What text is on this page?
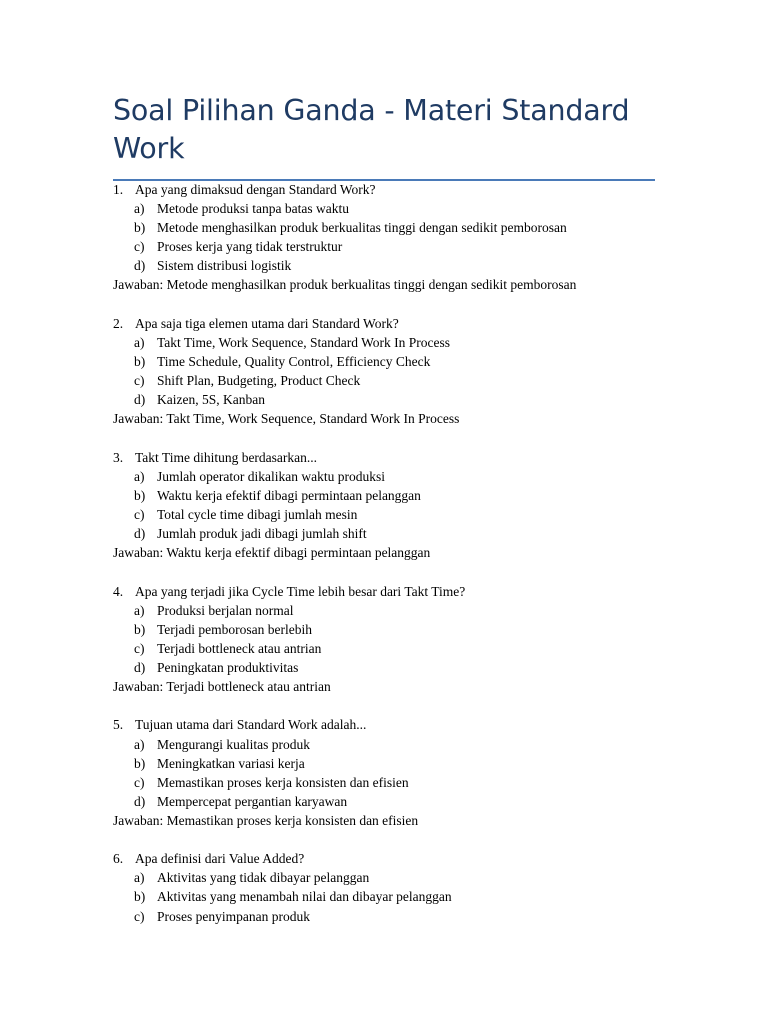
Soal Pilihan Ganda - Materi Standard Work
1. Apa yang dimaksud dengan Standard Work?
a) Metode produksi tanpa batas waktu
b) Metode menghasilkan produk berkualitas tinggi dengan sedikit pemborosan
c) Proses kerja yang tidak terstruktur
d) Sistem distribusi logistik
Jawaban: Metode menghasilkan produk berkualitas tinggi dengan sedikit pemborosan
2. Apa saja tiga elemen utama dari Standard Work?
a) Takt Time, Work Sequence, Standard Work In Process
b) Time Schedule, Quality Control, Efficiency Check
c) Shift Plan, Budgeting, Product Check
d) Kaizen, 5S, Kanban
Jawaban: Takt Time, Work Sequence, Standard Work In Process
3. Takt Time dihitung berdasarkan...
a) Jumlah operator dikalikan waktu produksi
b) Waktu kerja efektif dibagi permintaan pelanggan
c) Total cycle time dibagi jumlah mesin
d) Jumlah produk jadi dibagi jumlah shift
Jawaban: Waktu kerja efektif dibagi permintaan pelanggan
4. Apa yang terjadi jika Cycle Time lebih besar dari Takt Time?
a) Produksi berjalan normal
b) Terjadi pemborosan berlebih
c) Terjadi bottleneck atau antrian
d) Peningkatan produktivitas
Jawaban: Terjadi bottleneck atau antrian
5. Tujuan utama dari Standard Work adalah...
a) Mengurangi kualitas produk
b) Meningkatkan variasi kerja
c) Memastikan proses kerja konsisten dan efisien
d) Mempercepat pergantian karyawan
Jawaban: Memastikan proses kerja konsisten dan efisien
6. Apa definisi dari Value Added?
a) Aktivitas yang tidak dibayar pelanggan
b) Aktivitas yang menambah nilai dan dibayar pelanggan
c) Proses penyimpanan produk
